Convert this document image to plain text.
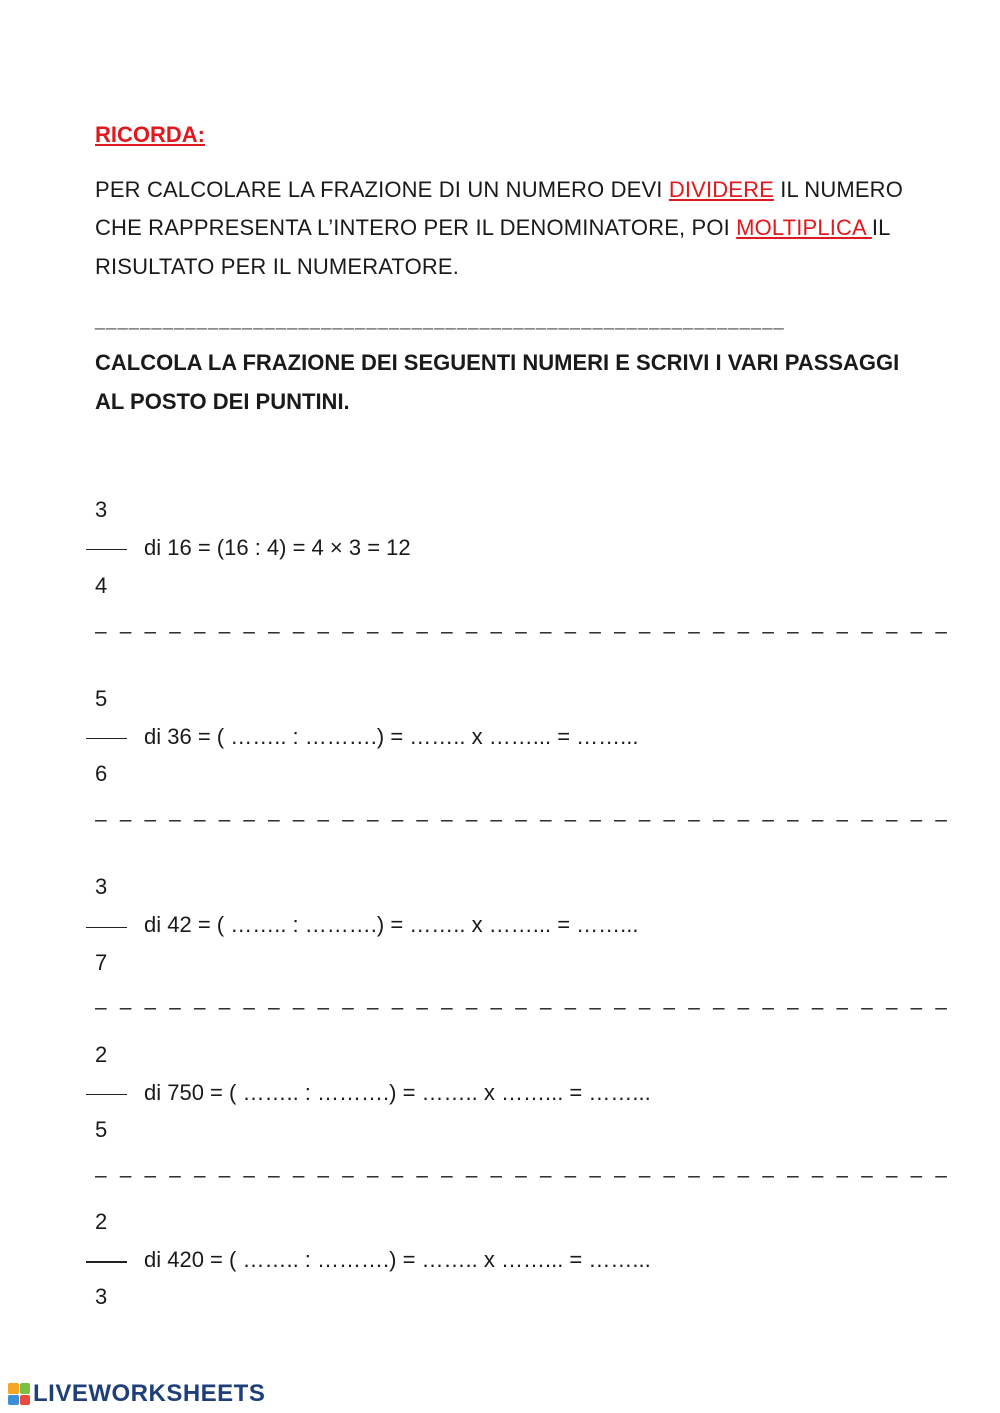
RICORDA:
PER CALCOLARE LA FRAZIONE DI UN NUMERO DEVI DIVIDERE IL NUMERO
CHE RAPPRESENTA L’INTERO PER IL DENOMINATORE, POI MOLTIPLICA IL
RISULTATO PER IL NUMERATORE.
_____________________________________________________________
CALCOLA LA FRAZIONE DEI SEGUENTI NUMERI E SCRIVI I VARI PASSAGGI
AL POSTO DEI PUNTINI.
3
di 16 = (16 : 4) = 4 × 3 = 12
4
– – – – – – – – – – – – – – – – – – – – – – – – – – – – – – – – – – –
5
di 36 = ( …….. : ……….) = …….. x ……... = ……...
6
– – – – – – – – – – – – – – – – – – – – – – – – – – – – – – – – – – –
3
di 42 = ( …….. : ……….) = …….. x ……... = ……...
7
– – – – – – – – – – – – – – – – – – – – – – – – – – – – – – – – – – –
2
di 750 = ( …….. : ……….) = …….. x ……... = ……...
5
– – – – – – – – – – – – – – – – – – – – – – – – – – – – – – – – – – –
2
di 420 = ( …….. : ……….) = …….. x ……... = ……...
3
LIVEWORKSHEETS
